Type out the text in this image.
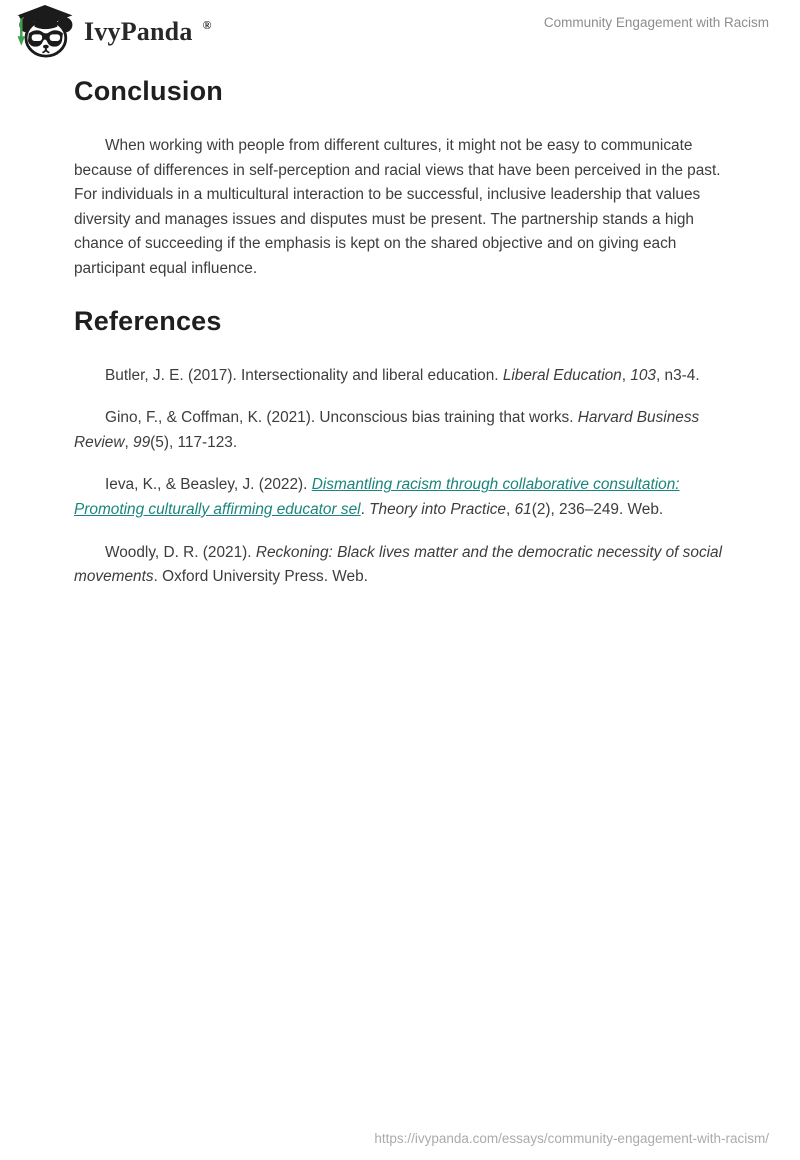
IvyPanda ®	Community Engagement with Racism
Conclusion

When working with people from different cultures, it might not be easy to communicate because of differences in self-perception and racial views that have been perceived in the past. For individuals in a multicultural interaction to be successful, inclusive leadership that values diversity and manages issues and disputes must be present. The partnership stands a high chance of succeeding if the emphasis is kept on the shared objective and on giving each participant equal influence.

References

Butler, J. E. (2017). Intersectionality and liberal education. Liberal Education, 103, n3-4.

Gino, F., & Coffman, K. (2021). Unconscious bias training that works. Harvard Business Review, 99(5), 117-123.

Ieva, K., & Beasley, J. (2022). Dismantling racism through collaborative consultation: Promoting culturally affirming educator sel. Theory into Practice, 61(2), 236–249. Web.

Woodly, D. R. (2021). Reckoning: Black lives matter and the democratic necessity of social movements. Oxford University Press. Web.

https://ivypanda.com/essays/community-engagement-with-racism/
